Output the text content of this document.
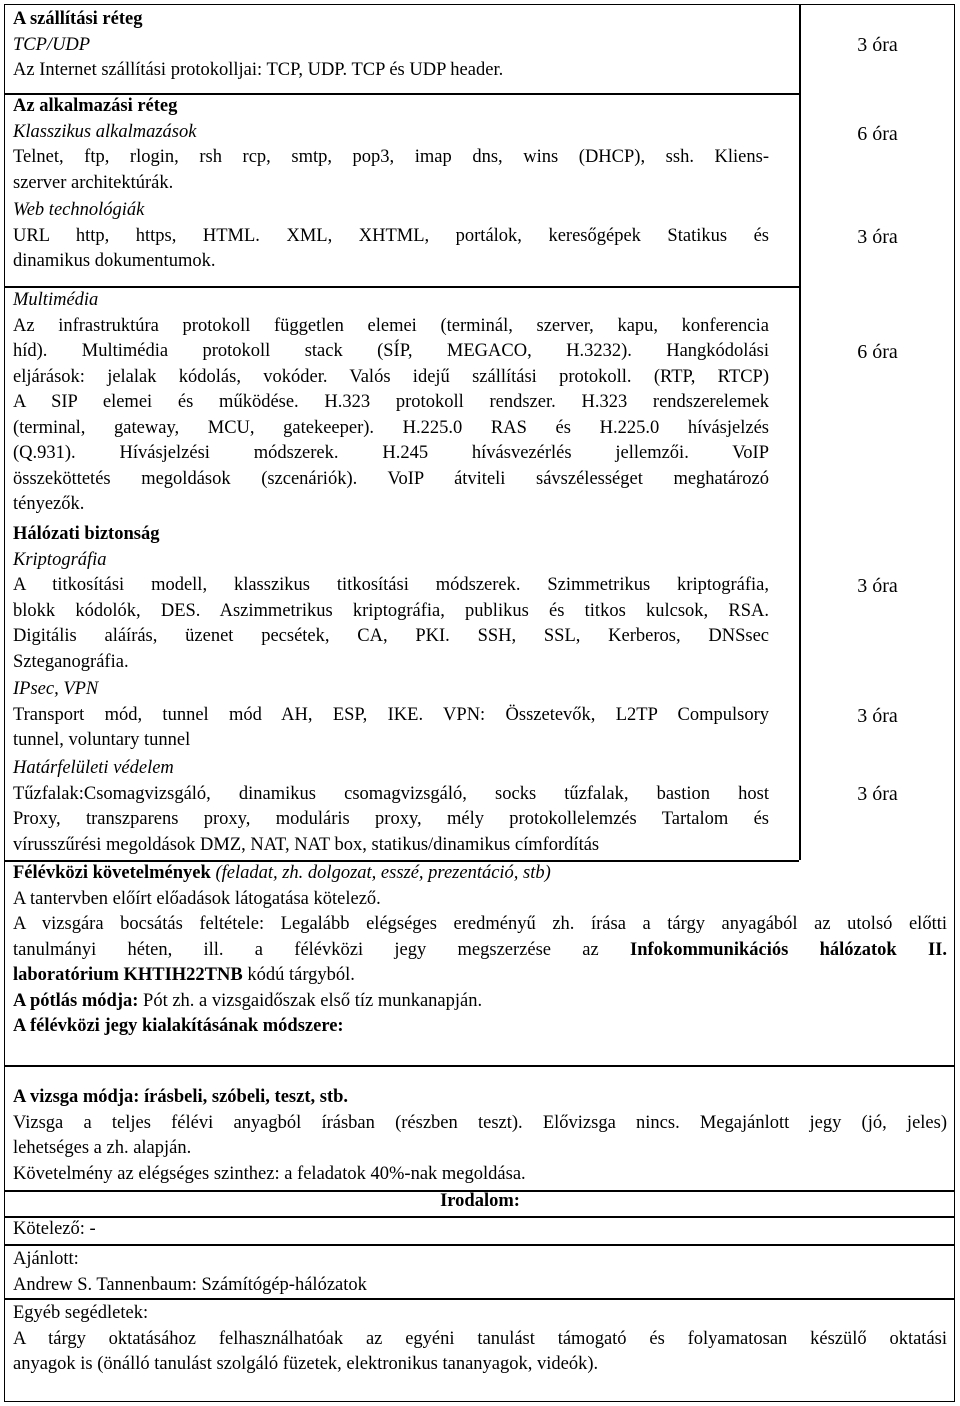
A szállítási réteg
TCP/UDP
Az Internet szállítási protokolljai: TCP, UDP. TCP és UDP header.
3 óra
Az alkalmazási réteg
Klasszikus alkalmazások
Telnet, ftp, rlogin, rsh rcp, smtp, pop3, imap dns, wins (DHCP), ssh. Kliens-
szerver architektúrák.
6 óra
Web technológiák
URL http, https, HTML. XML, XHTML, portálok, keresőgépek Statikus és
dinamikus dokumentumok.
3 óra
Multimédia
Az infrastruktúra protokoll független elemei (terminál, szerver, kapu, konferencia
híd). Multimédia protokoll stack (SÍP, MEGACO, H.3232). Hangkódolási
eljárások: jelalak kódolás, vokóder. Valós idejű szállítási protokoll. (RTP, RTCP)
A SIP elemei és működése. H.323 protokoll rendszer. H.323 rendszerelemek
(terminal, gateway, MCU, gatekeeper). H.225.0 RAS és H.225.0 hívásjelzés
(Q.931). Hívásjelzési módszerek. H.245 hívásvezérlés jellemzői. VoIP
összeköttetés megoldások (szcenáriók). VoIP átviteli sávszélességet meghatározó
tényezők.
6 óra
Hálózati biztonság
Kriptográfia
A titkosítási modell, klasszikus titkosítási módszerek. Szimmetrikus kriptográfia,
blokk kódolók, DES. Aszimmetrikus kriptográfia, publikus és titkos kulcsok, RSA.
Digitális aláírás, üzenet pecsétek, CA, PKI. SSH, SSL, Kerberos, DNSsec
Szteganográfia.
3 óra
IPsec, VPN
Transport mód, tunnel mód AH, ESP, IKE. VPN: Összetevők, L2TP Compulsory
tunnel, voluntary tunnel
3 óra
Határfelületi védelem
Tűzfalak:Csomagvizsgáló, dinamikus csomagvizsgáló, socks tűzfalak, bastion host
Proxy, transzparens proxy, moduláris proxy, mély protokollelemzés Tartalom és
vírusszűrési megoldások DMZ, NAT, NAT box, statikus/dinamikus címfordítás
3 óra
Félévközi követelmények (feladat, zh. dolgozat, esszé, prezentáció, stb)
A tantervben előírt előadások látogatása kötelező.
A vizsgára bocsátás feltétele: Legalább elégséges eredményű zh. írása a tárgy anyagából az utolsó előtti
tanulmányi héten, ill. a félévközi jegy megszerzése az Infokommunikációs hálózatok II.
laboratórium KHTIH22TNB kódú tárgyból.
A pótlás módja: Pót zh. a vizsgaidőszak első tíz munkanapján.
A félévközi jegy kialakításának módszere:
A vizsga módja: írásbeli, szóbeli, teszt, stb.
Vizsga a teljes félévi anyagból írásban (részben teszt). Elővizsga nincs. Megajánlott jegy (jó, jeles)
lehetséges a zh. alapján.
Követelmény az elégséges szinthez: a feladatok 40%-nak megoldása.
Irodalom:
Kötelező: -
Ajánlott:
Andrew S. Tannenbaum: Számítógép-hálózatok
Egyéb segédletek:
A tárgy oktatásához felhasználhatóak az egyéni tanulást támogató és folyamatosan készülő oktatási
anyagok is (önálló tanulást szolgáló füzetek, elektronikus tananyagok, videók).
